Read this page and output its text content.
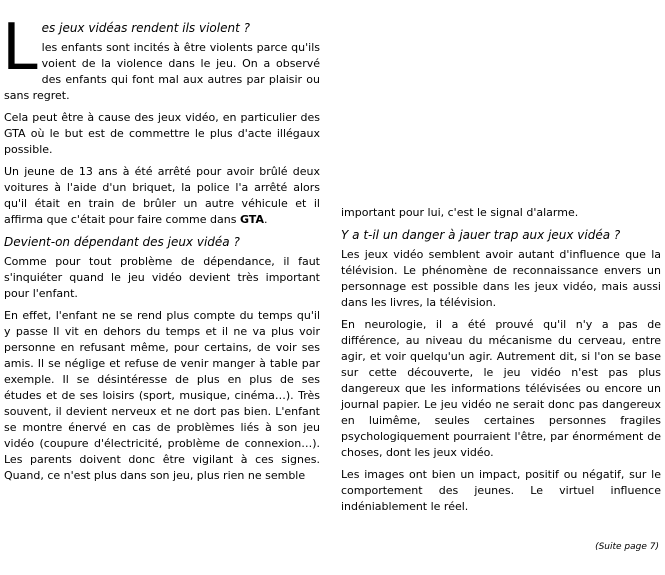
L es jeux vidéas rendent ils violent ?
les enfants sont incités à être violents parce qu'ils voient de la violence dans le jeu. On a observé des enfants qui font mal aux autres par plaisir ou sans regret.

Cela peut être à cause des jeux vidéo, en particulier des GTA où le but est de commettre le plus d'acte illégaux possible.

Un jeune de 13 ans à été arrêté pour avoir brûlé deux voitures à l'aide d'un briquet, la police l'a arrêté alors qu'il était en train de brûler un autre véhicule et il affirma que c'était pour faire comme dans GTA.

Devient-on dépendant des jeux vidéa ?

Comme pour tout problème de dépendance, il faut s'inquiéter quand le jeu vidéo devient très important pour l'enfant.

En effet, l'enfant ne se rend plus compte du temps qu'il y passe Il vit en dehors du temps et il ne va plus voir personne en refusant même, pour certains, de voir ses amis. Il se néglige et refuse de venir manger à table par exemple. Il se désintéresse de plus en plus de ses études et de ses loisirs (sport, musique, cinéma…). Très souvent, il devient nerveux et ne dort pas bien. L'enfant se montre énervé en cas de problèmes liés à son jeu vidéo (coupure d'électricité, problème de connexion…). Les parents doivent donc être vigilant à ces signes. Quand, ce n'est plus dans son jeu, plus rien ne semble

important pour lui, c'est le signal d'alarme.

Y a t-il un danger à jauer trap aux jeux vidéa ?

Les jeux vidéo semblent avoir autant d'influence que la télévision. Le phénomène de reconnaissance envers un personnage est possible dans les jeux vidéo, mais aussi dans les livres, la télévision.

En neurologie, il a été prouvé qu'il n'y a pas de différence, au niveau du mécanisme du cerveau, entre agir, et voir quelqu'un agir. Autrement dit, si l'on se base sur cette découverte, le jeu vidéo n'est pas plus dangereux que les informations télévisées ou encore un journal papier. Le jeu vidéo ne serait donc pas dangereux en luimême, seules certaines personnes fragiles psychologiquement pourraient l'être, par énormément de choses, dont les jeux vidéo.

Les images ont bien un impact, positif ou négatif, sur le comportement des jeunes. Le virtuel influence indéniablement le réel.

(Suite page 7)
